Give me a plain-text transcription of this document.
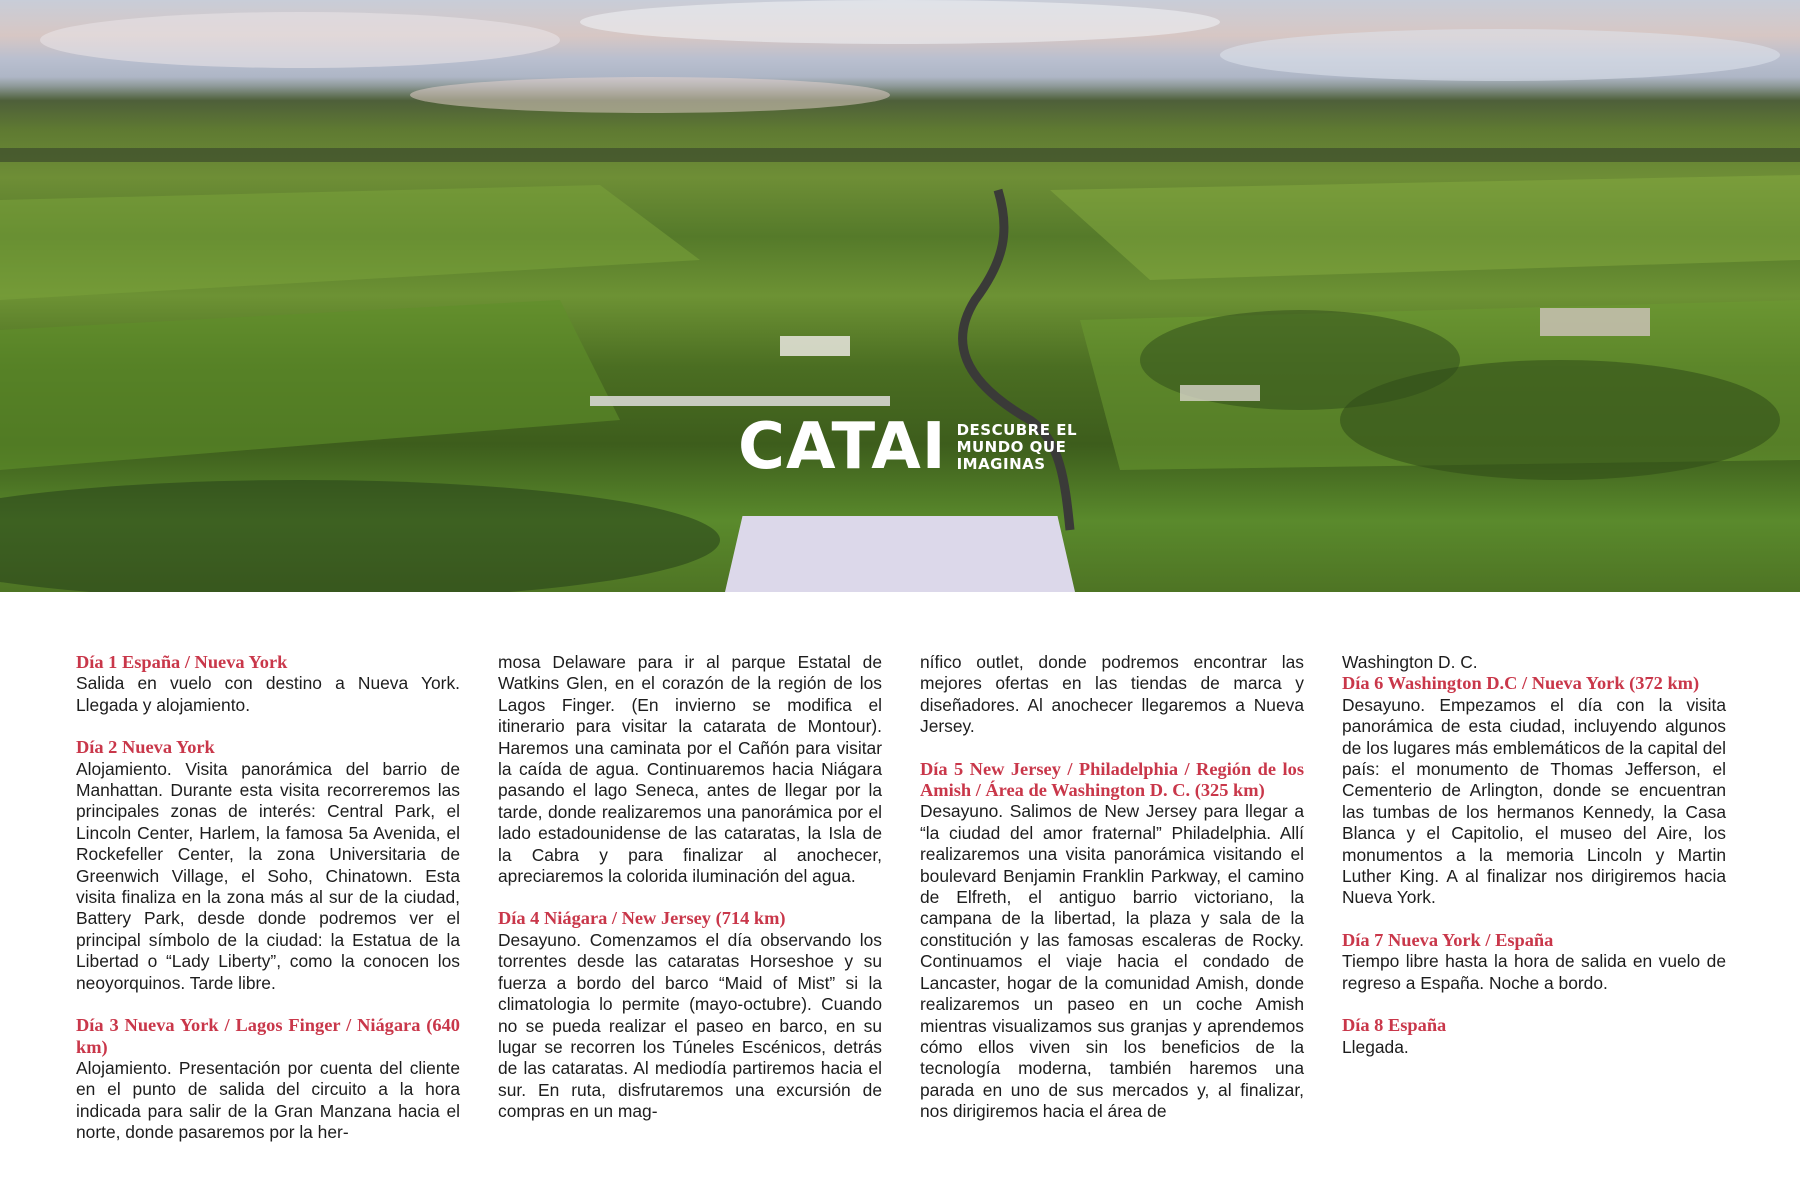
CATAI DESCUBRE EL
MUNDO QUE
IMAGINAS
Día 1 España / Nueva York
Salida en vuelo con destino a Nueva York. Llegada y alojamiento.
Día 2 Nueva York
Alojamiento. Visita panorámica del barrio de Manhattan. Durante esta visita recorreremos las principales zonas de interés: Central Park, el Lincoln Center, Harlem, la famosa 5a Avenida, el Rockefeller Center, la zona Universitaria de Greenwich Village, el Soho, Chinatown. Esta visita finaliza en la zona más al sur de la ciudad, Battery Park, desde donde podremos ver el principal símbolo de la ciudad: la Estatua de la Libertad o “Lady Liberty”, como la conocen los neoyorquinos. Tarde libre.
Día 3 Nueva York / Lagos Finger / Niágara (640 km)
Alojamiento. Presentación por cuenta del cliente en el punto de salida del circuito a la hora indicada para salir de la Gran Manzana hacia el norte, donde pasaremos por la her-
mosa Delaware para ir al parque Estatal de Watkins Glen, en el corazón de la región de los Lagos Finger. (En invierno se modifica el itinerario para visitar la catarata de Montour). Haremos una caminata por el Cañón para visitar la caída de agua. Continuaremos hacia Niágara pasando el lago Seneca, antes de llegar por la tarde, donde realizaremos una panorámica por el lado estadounidense de las cataratas, la Isla de la Cabra y para finalizar al anochecer, apreciaremos la colorida iluminación del agua.
Día 4 Niágara / New Jersey (714 km)
Desayuno. Comenzamos el día observando los torrentes desde las cataratas Horseshoe y su fuerza a bordo del barco “Maid of Mist” si la climatologia lo permite (mayo-octubre). Cuando no se pueda realizar el paseo en barco, en su lugar se recorren los Túneles Escénicos, detrás de las cataratas. Al mediodía partiremos hacia el sur. En ruta, disfrutaremos una excursión de compras en un mag-
nífico outlet, donde podremos encontrar las mejores ofertas en las tiendas de marca y diseñadores. Al anochecer llegaremos a Nueva Jersey.
Día 5 New Jersey / Philadelphia / Región de los Amish / Área de Washington D. C. (325 km)
Desayuno. Salimos de New Jersey para llegar a “la ciudad del amor fraternal” Philadelphia. Allí realizaremos una visita panorámica visitando el boulevard Benjamin Franklin Parkway, el camino de Elfreth, el antiguo barrio victoriano, la campana de la libertad, la plaza y sala de la constitución y las famosas escaleras de Rocky. Continuamos el viaje hacia el condado de Lancaster, hogar de la comunidad Amish, donde realizaremos un paseo en un coche Amish mientras visualizamos sus granjas y aprendemos cómo ellos viven sin los beneficios de la tecnología moderna, también haremos una parada en uno de sus mercados y, al finalizar, nos dirigiremos hacia el área de
Washington D. C.
Día 6 Washington D.C / Nueva York (372 km)
Desayuno. Empezamos el día con la visita panorámica de esta ciudad, incluyendo algunos de los lugares más emblemáticos de la capital del país: el monumento de Thomas Jefferson, el Cementerio de Arlington, donde se encuentran las tumbas de los hermanos Kennedy, la Casa Blanca y el Capitolio, el museo del Aire, los monumentos a la memoria Lincoln y Martin Luther King. A al finalizar nos dirigiremos hacia Nueva York.
Día 7 Nueva York / España
Tiempo libre hasta la hora de salida en vuelo de regreso a España. Noche a bordo.
Día 8 España
Llegada.
